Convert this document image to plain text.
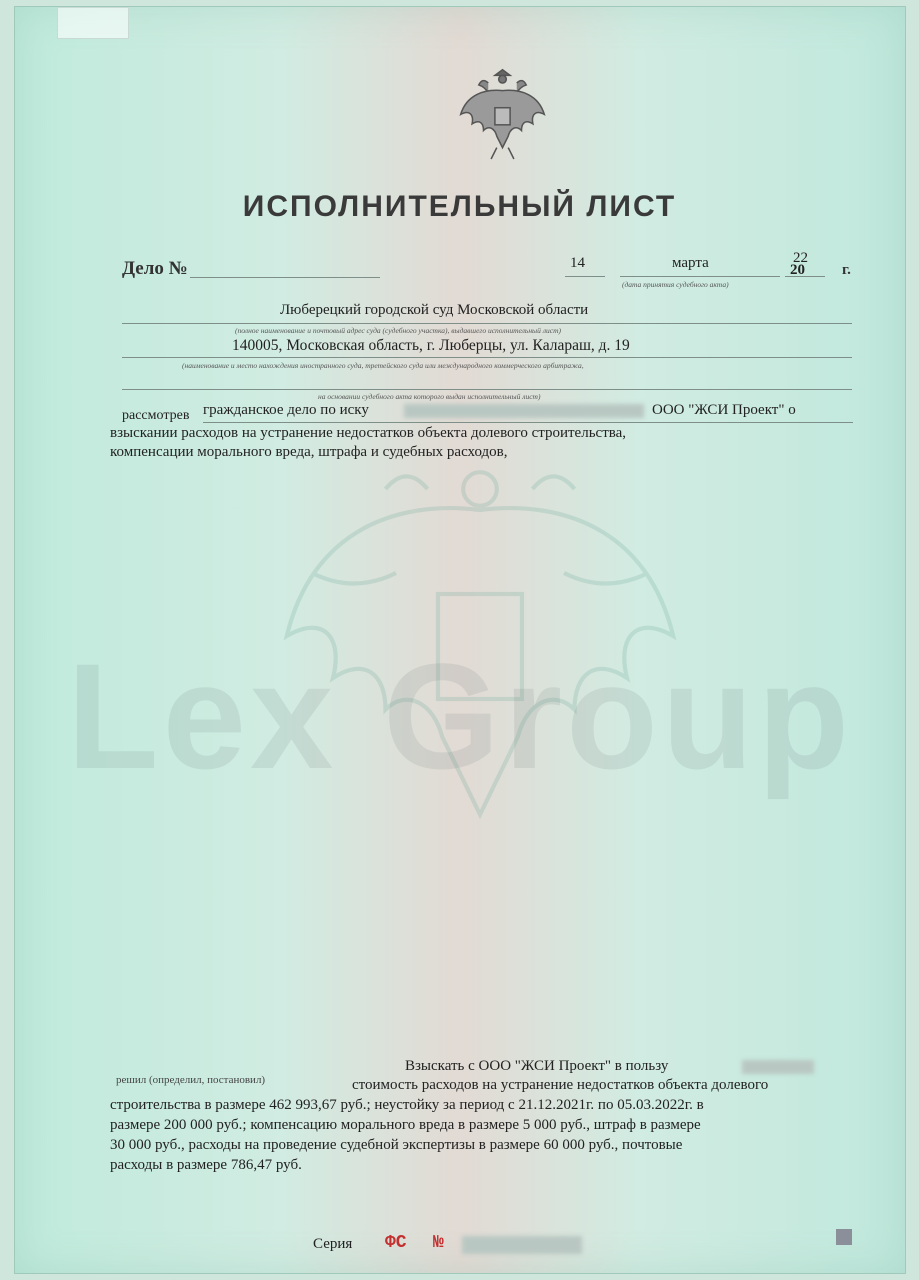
Lex Group
ИСПОЛНИТЕЛЬНЫЙ ЛИСТ
Дело №	14	марта	20
22
г.
(дата принятия судебного акта)
Люберецкий городской суд Московской области
(полное наименование и почтовый адрес суда (судебного участка), выдавшего исполнительный лист)
140005, Московская область, г. Люберцы, ул. Калараш, д. 19
(наименование и место нахождения иностранного суда, третейского суда или международного коммерческого арбитража,
на основании судебного акта которого выдан исполнительный лист)
рассмотрев гражданское дело по иску	ООО "ЖСИ Проект" о
взыскании расходов на устранение недостатков объекта долевого строительства,
компенсации морального вреда, штрафа и судебных расходов,
Взыскать с ООО "ЖСИ Проект" в пользу
решил (определил, постановил)	стоимость расходов на устранение недостатков объекта долевого
строительства в размере 462 993,67 руб.; неустойку за период с 21.12.2021г. по 05.03.2022г. в
размере 200 000 руб.; компенсацию морального вреда в размере 5 000 руб., штраф в размере
30 000 руб., расходы на проведение судебной экспертизы в размере 60 000 руб., почтовые
расходы в размере 786,47 руб.
Серия ФС №
